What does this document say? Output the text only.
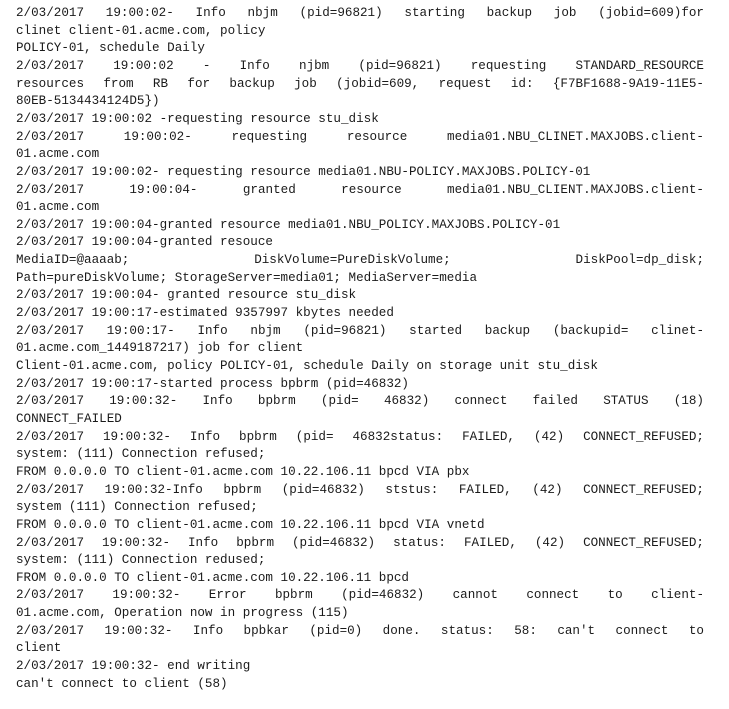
2/03/2017 19:00:02- Info nbjm (pid=96821) starting backup job (jobid=609)for
clinet client-01.acme.com, policy
POLICY-01, schedule Daily
2/03/2017 19:00:02 - Info njbm (pid=96821) requesting STANDARD_RESOURCE
resources from RB for backup job (jobid=609, request id: {F7BF1688-9A19-11E5-
80EB-5134434124D5})
2/03/2017 19:00:02 -requesting resource stu_disk
2/03/2017 19:00:02- requesting resource media01.NBU_CLINET.MAXJOBS.client-
01.acme.com
2/03/2017 19:00:02- requesting resource media01.NBU-POLICY.MAXJOBS.POLICY-01
2/03/2017 19:00:04- granted resource media01.NBU_CLIENT.MAXJOBS.client-
01.acme.com
2/03/2017 19:00:04-granted resource media01.NBU_POLICY.MAXJOBS.POLICY-01
2/03/2017 19:00:04-granted resouce
MediaID=@aaaab; DiskVolume=PureDiskVolume; DiskPool=dp_disk;
Path=pureDiskVolume; StorageServer=media01; MediaServer=media
2/03/2017 19:00:04- granted resource stu_disk
2/03/2017 19:00:17-estimated 9357997 kbytes needed
2/03/2017 19:00:17- Info nbjm (pid=96821) started backup (backupid= clinet-
01.acme.com_1449187217) job for client
Client-01.acme.com, policy POLICY-01, schedule Daily on storage unit stu_disk
2/03/2017 19:00:17-started process bpbrm (pid=46832)
2/03/2017 19:00:32- Info bpbrm (pid= 46832) connect failed STATUS (18)
CONNECT_FAILED
2/03/2017 19:00:32- Info bpbrm (pid= 46832status: FAILED, (42) CONNECT_REFUSED;
system: (111) Connection refused;
FROM 0.0.0.0 TO client-01.acme.com 10.22.106.11 bpcd VIA pbx
2/03/2017 19:00:32-Info bpbrm (pid=46832) ststus: FAILED, (42) CONNECT_REFUSED;
system (111) Connection refused;
FROM 0.0.0.0 TO client-01.acme.com 10.22.106.11 bpcd VIA vnetd
2/03/2017 19:00:32- Info bpbrm (pid=46832) status: FAILED, (42) CONNECT_REFUSED;
system: (111) Connection redused;
FROM 0.0.0.0 TO client-01.acme.com 10.22.106.11 bpcd
2/03/2017 19:00:32- Error bpbrm (pid=46832) cannot connect to client-
01.acme.com, Operation now in progress (115)
2/03/2017 19:00:32- Info bpbkar (pid=0) done. status: 58: can't connect to
client
2/03/2017 19:00:32- end writing
can't connect to client (58)
